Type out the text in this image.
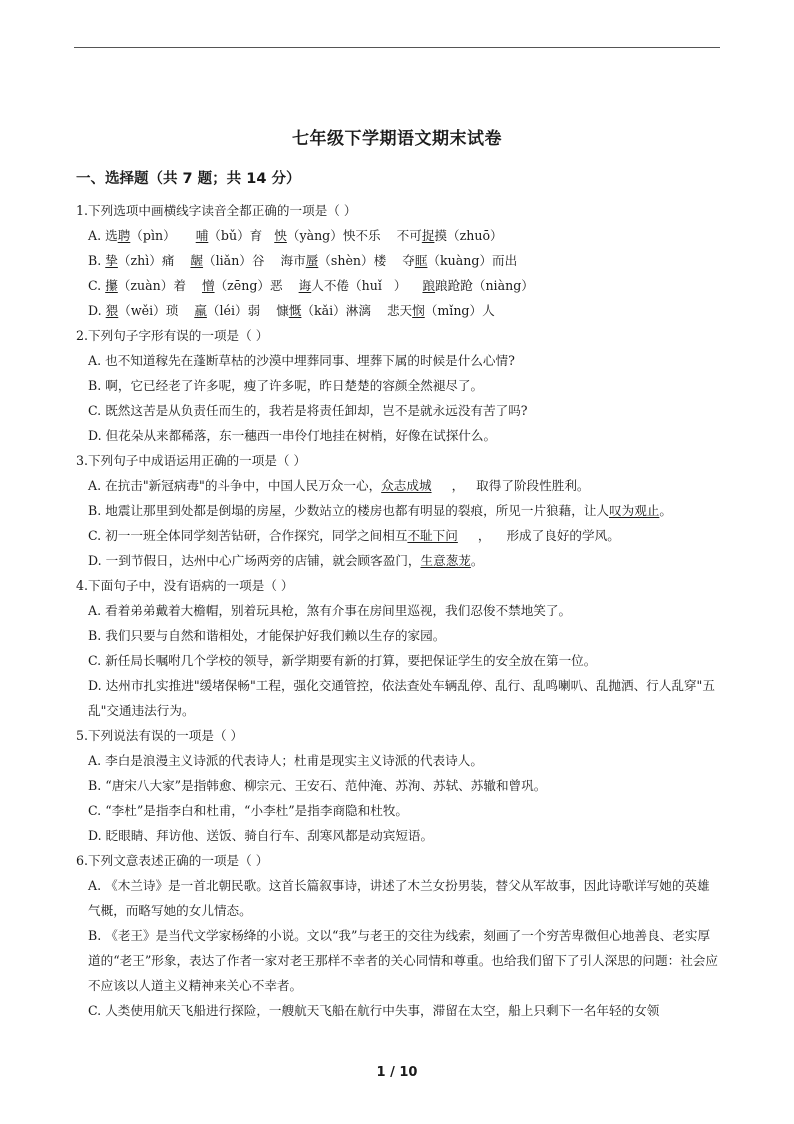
七年级下学期语文期末试卷
一、选择题（共 7 题；共 14 分）
1.下列选项中画横线字读音全都正确的一项是（ ）
A. 选聘（pìn）     哺（bǔ）育   怏（yàng）怏不乐    不可捉摸（zhuō）
B. 挚（zhì）痛    龌（liǎn）谷    海市蜃（shèn）楼    夺眶（kuàng）而出
C. 攥（zuàn）着    憎（zēng）恶    诲人不倦（huǐ   ）    踉踉跄跄（niàng）
D. 猥（wěi）琐    羸（léi）弱    慷慨（kǎi）淋漓    悲天悯（mǐng）人
2.下列句子字形有误的一项是（ ）
A. 也不知道稼先在蓬断草枯的沙漠中埋葬同事、埋葬下属的时候是什么心情?
B. 啊，它已经老了许多呢，瘦了许多呢，昨日楚楚的容颜全然褪尽了。
C. 既然这苦是从负责任而生的，我若是将责任卸却，岂不是就永远没有苦了吗?
D. 但花朵从来都稀落，东一穗西一串伶仃地挂在树梢，好像在试探什么。
3.下列句子中成语运用正确的一项是（ ）
A. 在抗击"新冠病毒"的斗争中，中国人民万众一心，众志成城     ，   取得了阶段性胜利。
B. 地震让那里到处都是倒塌的房屋，少数站立的楼房也都有明显的裂痕，所见一片狼藉，让人叹为观止。
C. 初一一班全体同学刻苦钻研，合作探究，同学之间相互不耻下问     ，    形成了良好的学风。
D. 一到节假日，达州中心广场两旁的店铺，就会顾客盈门，生意葱茏。
4.下面句子中，没有语病的一项是（ ）
A. 看着弟弟戴着大檐帽，别着玩具枪，煞有介事在房间里巡视，我们忍俊不禁地笑了。
B. 我们只要与自然和谐相处，才能保护好我们赖以生存的家园。
C. 新任局长嘱咐几个学校的领导，新学期要有新的打算，要把保证学生的安全放在第一位。
D. 达州市扎实推进"缓堵保畅"工程，强化交通管控，依法查处车辆乱停、乱行、乱鸣喇叭、乱抛洒、行人乱穿"五乱"交通违法行为。
5.下列说法有误的一项是（ ）
A. 李白是浪漫主义诗派的代表诗人；杜甫是现实主义诗派的代表诗人。
B. “唐宋八大家”是指韩愈、柳宗元、王安石、范仲淹、苏洵、苏轼、苏辙和曾巩。
C. “李杜”是指李白和杜甫，“小李杜”是指李商隐和杜牧。
D. 眨眼睛、拜访他、送饭、骑自行车、刮寒风都是动宾短语。
6.下列文意表述正确的一项是（ ）
A. 《木兰诗》是一首北朝民歌。这首长篇叙事诗，讲述了木兰女扮男装，替父从军故事，因此诗歌详写她的英雄气概，而略写她的女儿情态。
B. 《老王》是当代文学家杨绛的小说。文以“我”与老王的交往为线索，刻画了一个穷苦卑微但心地善良、老实厚道的“老王”形象，表达了作者一家对老王那样不幸者的关心同情和尊重。也给我们留下了引人深思的问题：社会应不应该以人道主义精神来关心不幸者。
C. 人类使用航天飞船进行探险，一艘航天飞船在航行中失事，滞留在太空，船上只剩下一名年轻的女领
1 / 10
